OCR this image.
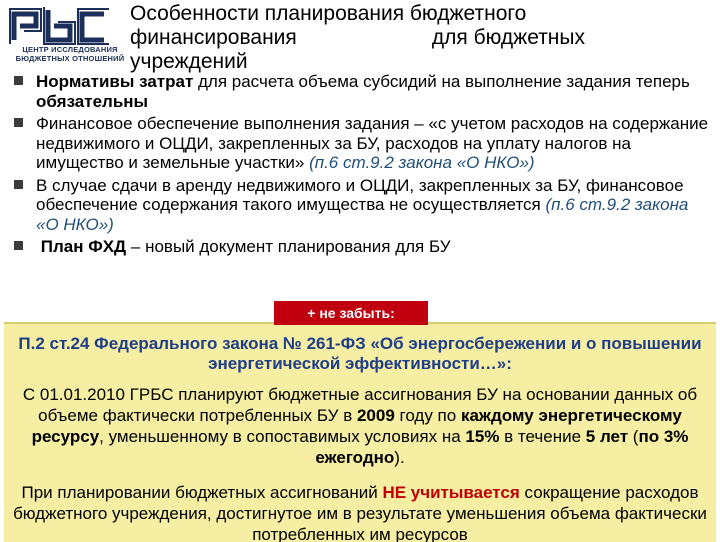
ЦЕНТР ИССЛЕДОВАНИЯ БЮДЖЕТНЫХ ОТНОШЕНИЙ
Особенности планирования бюджетного
финансирования	для бюджетных
учреждений
Нормативы затрат для расчета объема субсидий на выполнение задания теперь обязательны
Финансовое обеспечение выполнения задания – «с учетом расходов на содержание недвижимого и ОЦДИ, закрепленных за БУ, расходов на уплату налогов на имущество и земельные участки» (п.6 ст.9.2 закона «О НКО»)
В случае сдачи в аренду недвижимого и ОЦДИ, закрепленных за БУ, финансовое обеспечение содержания такого имущества не осуществляется (п.6 ст.9.2 закона «О НКО»)
План ФХД – новый документ планирования для БУ
+ не забыть:
П.2 ст.24 Федерального закона № 261-ФЗ «Об энергосбережении и о повышении энергетической эффективности…»:
С 01.01.2010 ГРБС планируют бюджетные ассигнования БУ на основании данных об объеме фактически потребленных БУ в 2009 году по каждому энергетическому ресурсу, уменьшенному в сопоставимых условиях на 15% в течение 5 лет (по 3% ежегодно).
При планировании бюджетных ассигнований НЕ учитывается сокращение расходов бюджетного учреждения, достигнутое им в результате уменьшения объема фактически потребленных им ресурсов
